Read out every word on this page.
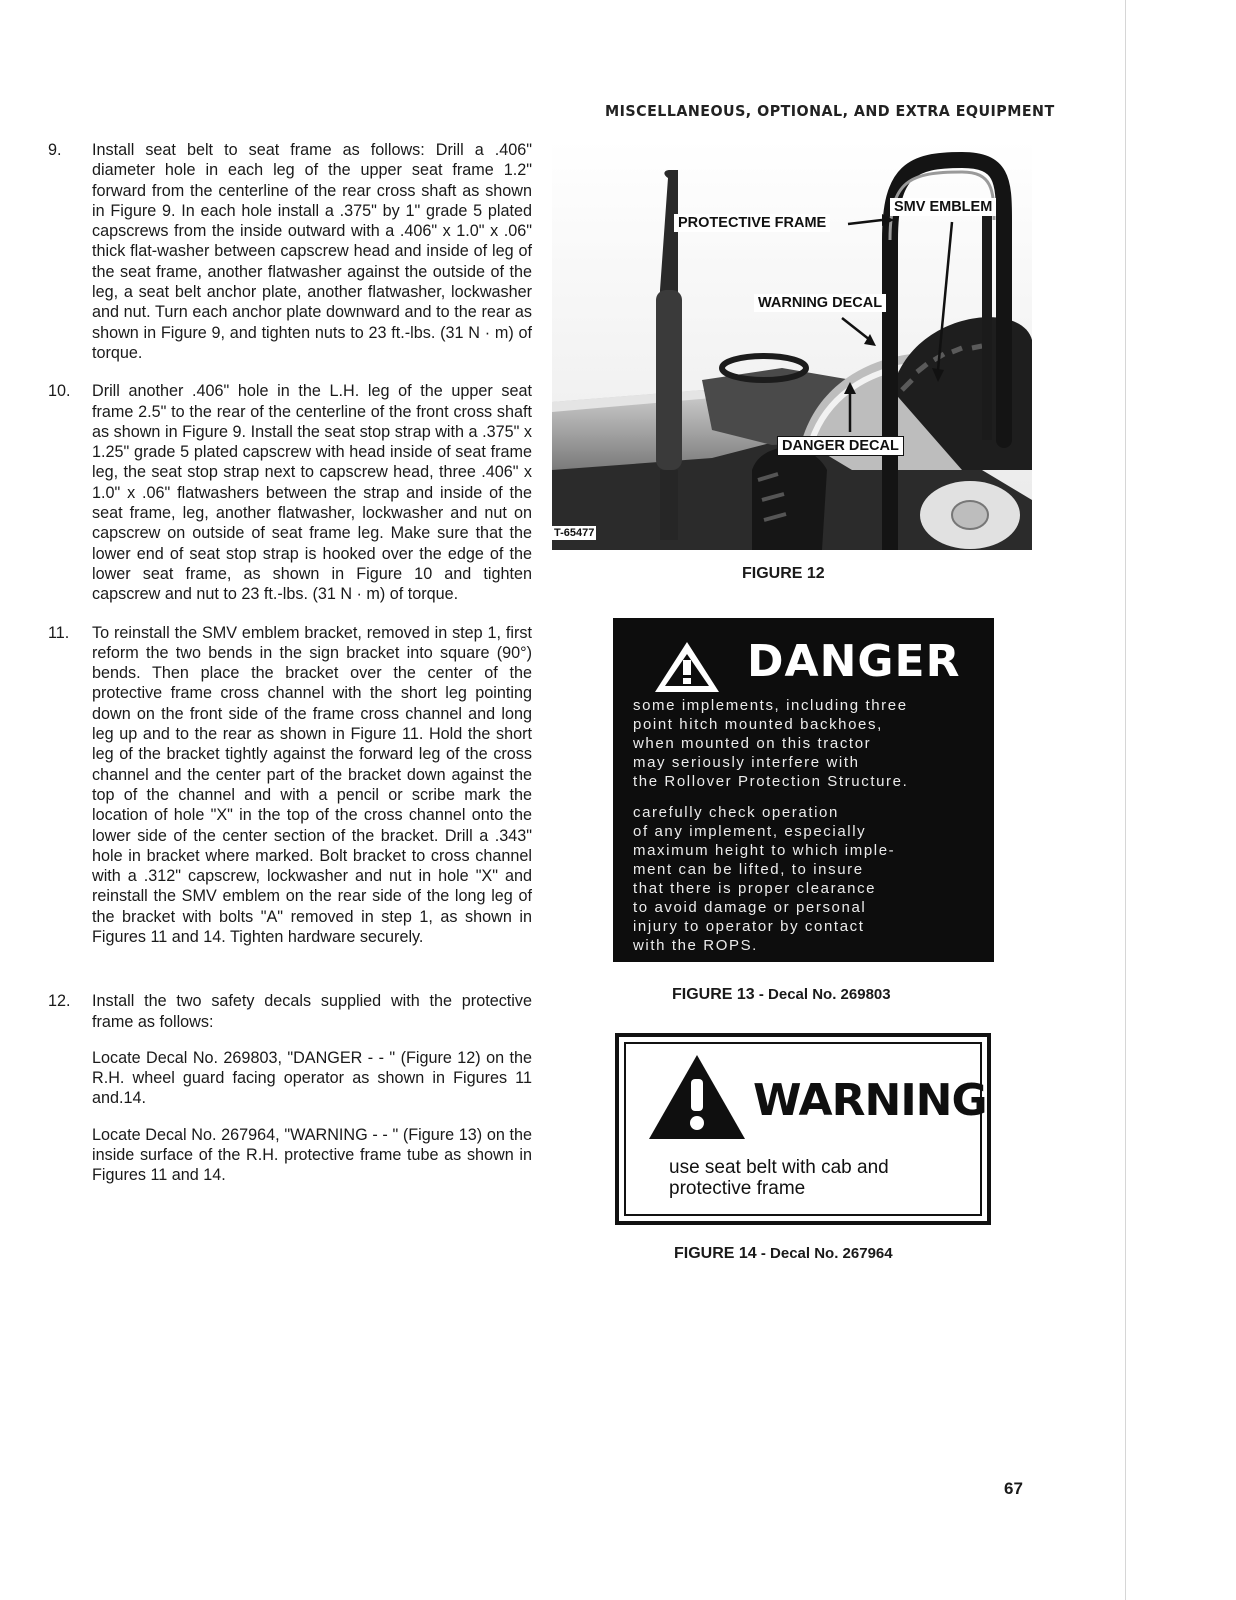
MISCELLANEOUS, OPTIONAL, AND EXTRA EQUIPMENT
9. Install seat belt to seat frame as follows: Drill a .406" diameter hole in each leg of the upper seat frame 1.2" forward from the centerline of the rear cross shaft as shown in Figure 9. In each hole install a .375" by 1" grade 5 plated capscrews from the inside outward with a .406" x 1.0" x .06" thick flat-washer between capscrew head and inside of leg of the seat frame, another flatwasher against the outside of the leg, a seat belt anchor plate, another flatwasher, lockwasher and nut. Turn each anchor plate downward and to the rear as shown in Figure 9, and tighten nuts to 23 ft.-lbs. (31 N · m) of torque.

10. Drill another .406" hole in the L.H. leg of the upper seat frame 2.5" to the rear of the centerline of the front cross shaft as shown in Figure 9. Install the seat stop strap with a .375" x 1.25" grade 5 plated capscrew with head inside of seat frame leg, the seat stop strap next to capscrew head, three .406" x 1.0" x .06" flatwashers between the strap and inside of the seat frame, leg, another flatwasher, lockwasher and nut on capscrew on outside of seat frame leg. Make sure that the lower end of seat stop strap is hooked over the edge of the lower seat frame, as shown in Figure 10 and tighten capscrew and nut to 23 ft.-lbs. (31 N · m) of torque.

11. To reinstall the SMV emblem bracket, removed in step 1, first reform the two bends in the sign bracket into square (90°) bends. Then place the bracket over the center of the protective frame cross channel with the short leg pointing down on the front side of the frame cross channel and long leg up and to the rear as shown in Figure 11. Hold the short leg of the bracket tightly against the forward leg of the cross channel and the center part of the bracket down against the top of the channel and with a pencil or scribe mark the location of hole "X" in the top of the cross channel onto the lower side of the center section of the bracket. Drill a .343" hole in bracket where marked. Bolt bracket to cross channel with a .312" capscrew, lockwasher and nut in hole "X" and reinstall the SMV emblem on the rear side of the long leg of the bracket with bolts "A" removed in step 1, as shown in Figures 11 and 14. Tighten hardware securely.

12. Install the two safety decals supplied with the protective frame as follows:

Locate Decal No. 269803, "DANGER - - " (Figure 12) on the R.H. wheel guard facing operator as shown in Figures 11 and.14.

Locate Decal No. 267964, "WARNING - - " (Figure 13) on the inside surface of the R.H. protective frame tube as shown in Figures 11 and 14.

PROTECTIVE FRAME
SMV EMBLEM
WARNING DECAL
DANGER DECAL
T-65477
FIGURE 12
DANGER

some implements, including three
point hitch mounted backhoes,
when mounted on this tractor
may seriously interfere with
the Rollover Protection Structure.

carefully check operation
of any implement, especially
maximum height to which imple-
ment can be lifted, to insure
that there is proper clearance
to avoid damage or personal
injury to operator by contact
with the ROPS.

FIGURE 13 - Decal No. 269803
WARNING
use seat belt with cab and
protective frame
FIGURE 14 - Decal No. 267964
67
